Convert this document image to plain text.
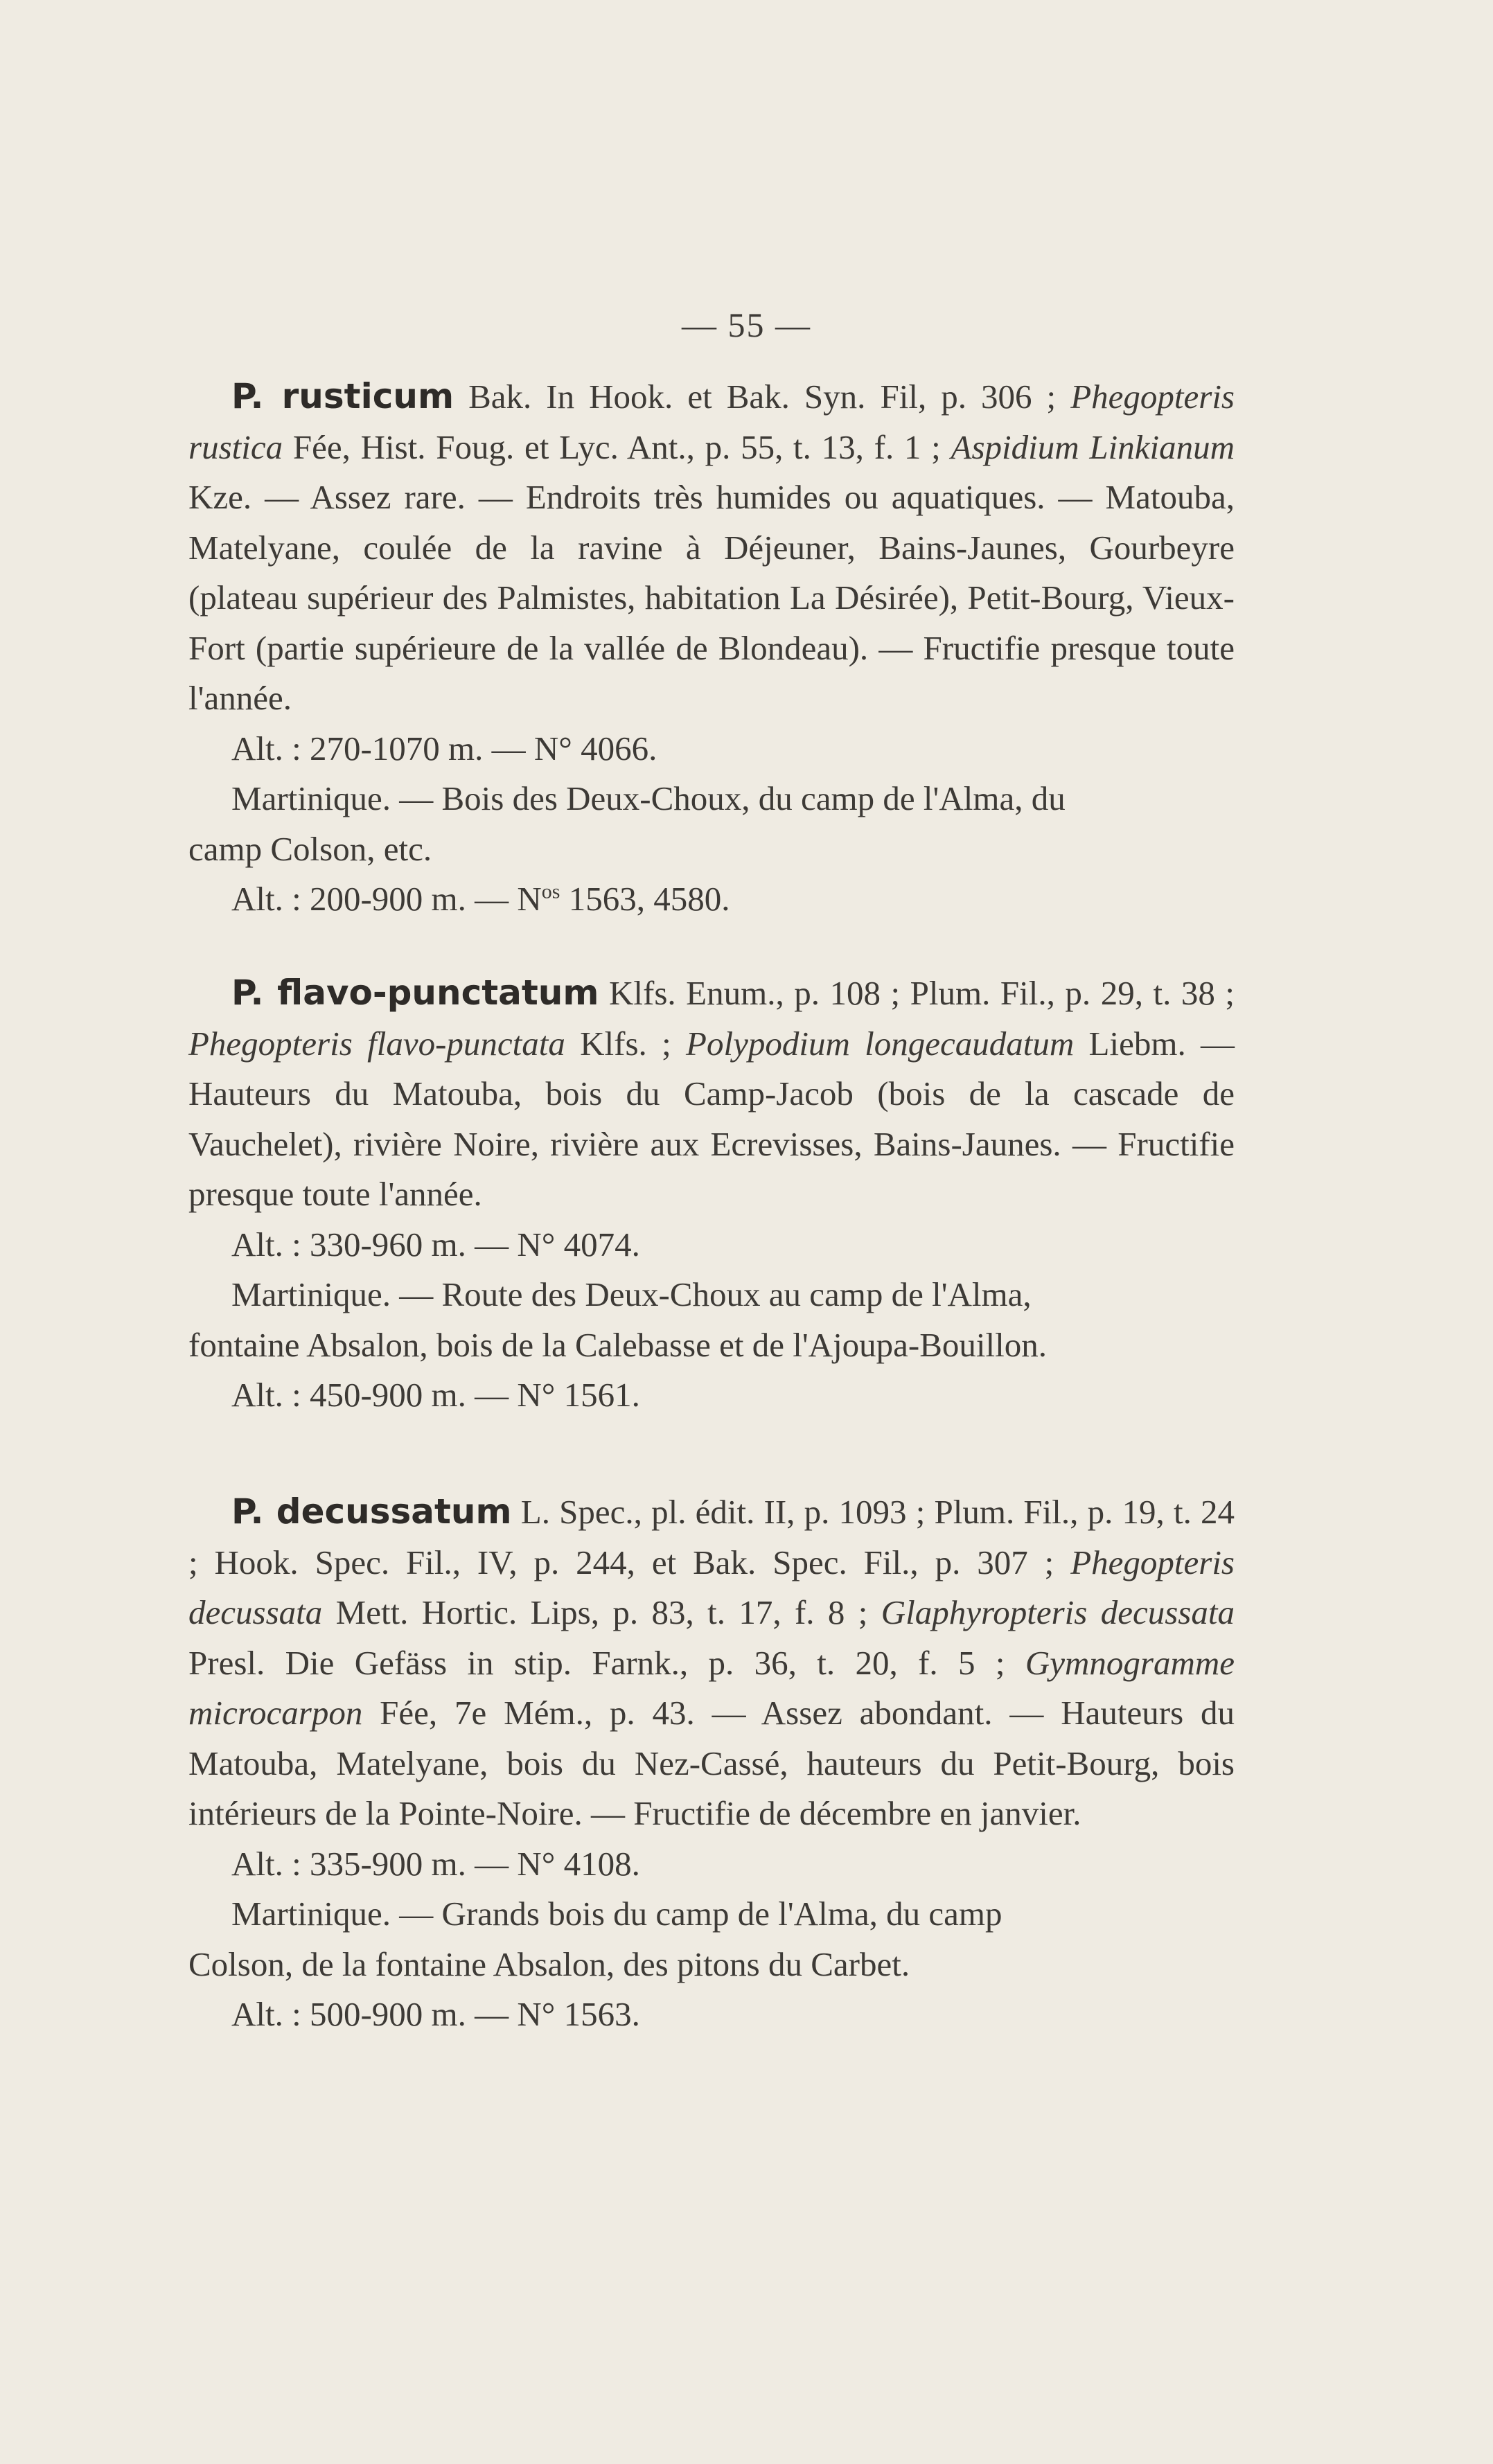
— 55 —

P. rusticum Bak. In Hook. et Bak. Syn. Fil, p. 306 ; Phegopteris rustica Fée, Hist. Foug. et Lyc. Ant., p. 55, t. 13, f. 1 ; Aspidium Linkianum Kze. — Assez rare. — Endroits très humides ou aquatiques. — Matouba, Matelyane, coulée de la ravine à Déjeuner, Bains-Jaunes, Gourbeyre (plateau supérieur des Palmistes, habitation La Désirée), Petit-Bourg, Vieux-Fort (partie supérieure de la vallée de Blondeau). — Fructifie presque toute l'année.

Alt. : 270-1070 m. — N° 4066.

Martinique. — Bois des Deux-Choux, du camp de l'Alma, du

camp Colson, etc.

Alt. : 200-900 m. — $N^{os}$ 1563, 4580.

P. flavo-punctatum Klfs. Enum., p. 108 ; Plum. Fil., p. 29, t. 38 ; Phegopteris flavo-punctata Klfs. ; Polypodium longecaudatum Liebm. — Hauteurs du Matouba, bois du Camp-Jacob (bois de la cascade de Vauchelet), rivière Noire, rivière aux Ecrevisses, Bains-Jaunes. — Fructifie presque toute l'année.

Alt. : 330-960 m. — N° 4074.

Martinique. — Route des Deux-Choux au camp de l'Alma,

fontaine Absalon, bois de la Calebasse et de l'Ajoupa-Bouillon.

Alt. : 450-900 m. — N° 1561.

P. decussatum L. Spec., pl. édit. II, p. 1093 ; Plum. Fil., p. 19, t. 24 ; Hook. Spec. Fil., IV, p. 244, et Bak. Spec. Fil., p. 307 ; Phegopteris decussata Mett. Hortic. Lips, p. 83, t. 17, f. 8 ; Glaphyropteris decussata Presl. Die Gefäss in stip. Farnk., p. 36, t. 20, f. 5 ; Gymnogramme microcarpon Fée, 7e Mém., p. 43. — Assez abondant. — Hauteurs du Matouba, Matelyane, bois du Nez-Cassé, hauteurs du Petit-Bourg, bois intérieurs de la Pointe-Noire. — Fructifie de décembre en janvier.

Alt. : 335-900 m. — N° 4108.

Martinique. — Grands bois du camp de l'Alma, du camp

Colson, de la fontaine Absalon, des pitons du Carbet.

Alt. : 500-900 m. — N° 1563.
